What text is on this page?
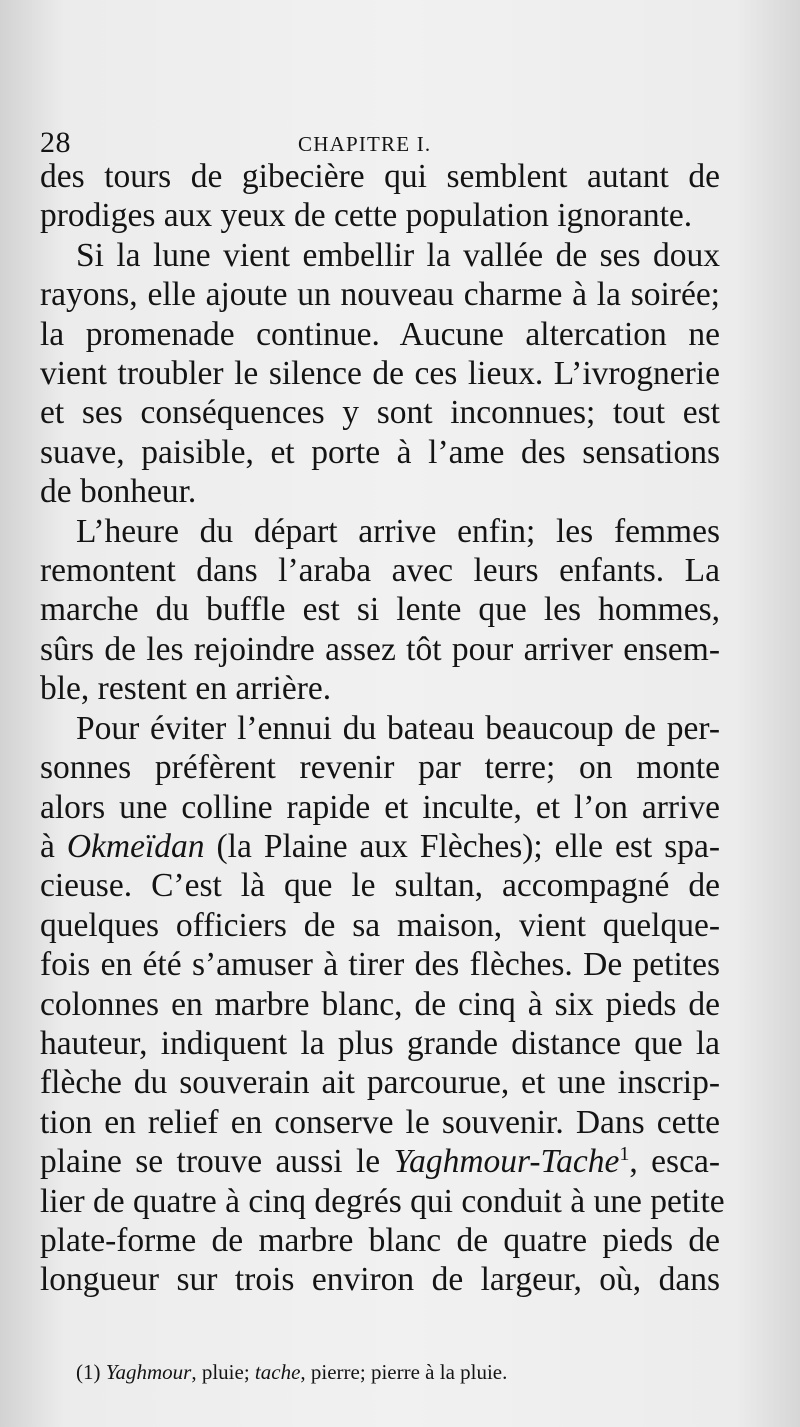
28	CHAPITRE I.
des tours de gibecière qui semblent autant de
prodiges aux yeux de cette population ignorante.
Si la lune vient embellir la vallée de ses doux
rayons, elle ajoute un nouveau charme à la soirée;
la promenade continue. Aucune altercation ne
vient troubler le silence de ces lieux. L’ivrognerie
et ses conséquences y sont inconnues; tout est
suave, paisible, et porte à l’ame des sensations
de bonheur.
L’heure du départ arrive enfin; les femmes
remontent dans l’araba avec leurs enfants. La
marche du buffle est si lente que les hommes,
sûrs de les rejoindre assez tôt pour arriver ensem-
ble, restent en arrière.
Pour éviter l’ennui du bateau beaucoup de per-
sonnes préfèrent revenir par terre; on monte
alors une colline rapide et inculte, et l’on arrive
à Okmeïdan (la Plaine aux Flèches); elle est spa-
cieuse. C’est là que le sultan, accompagné de
quelques officiers de sa maison, vient quelque-
fois en été s’amuser à tirer des flèches. De petites
colonnes en marbre blanc, de cinq à six pieds de
hauteur, indiquent la plus grande distance que la
flèche du souverain ait parcourue, et une inscrip-
tion en relief en conserve le souvenir. Dans cette
plaine se trouve aussi le Yaghmour-Tache$^1$, esca-
lier de quatre à cinq degrés qui conduit à une petite
plate-forme de marbre blanc de quatre pieds de
longueur sur trois environ de largeur, où, dans
(1) Yaghmour, pluie; tache, pierre; pierre à la pluie.
